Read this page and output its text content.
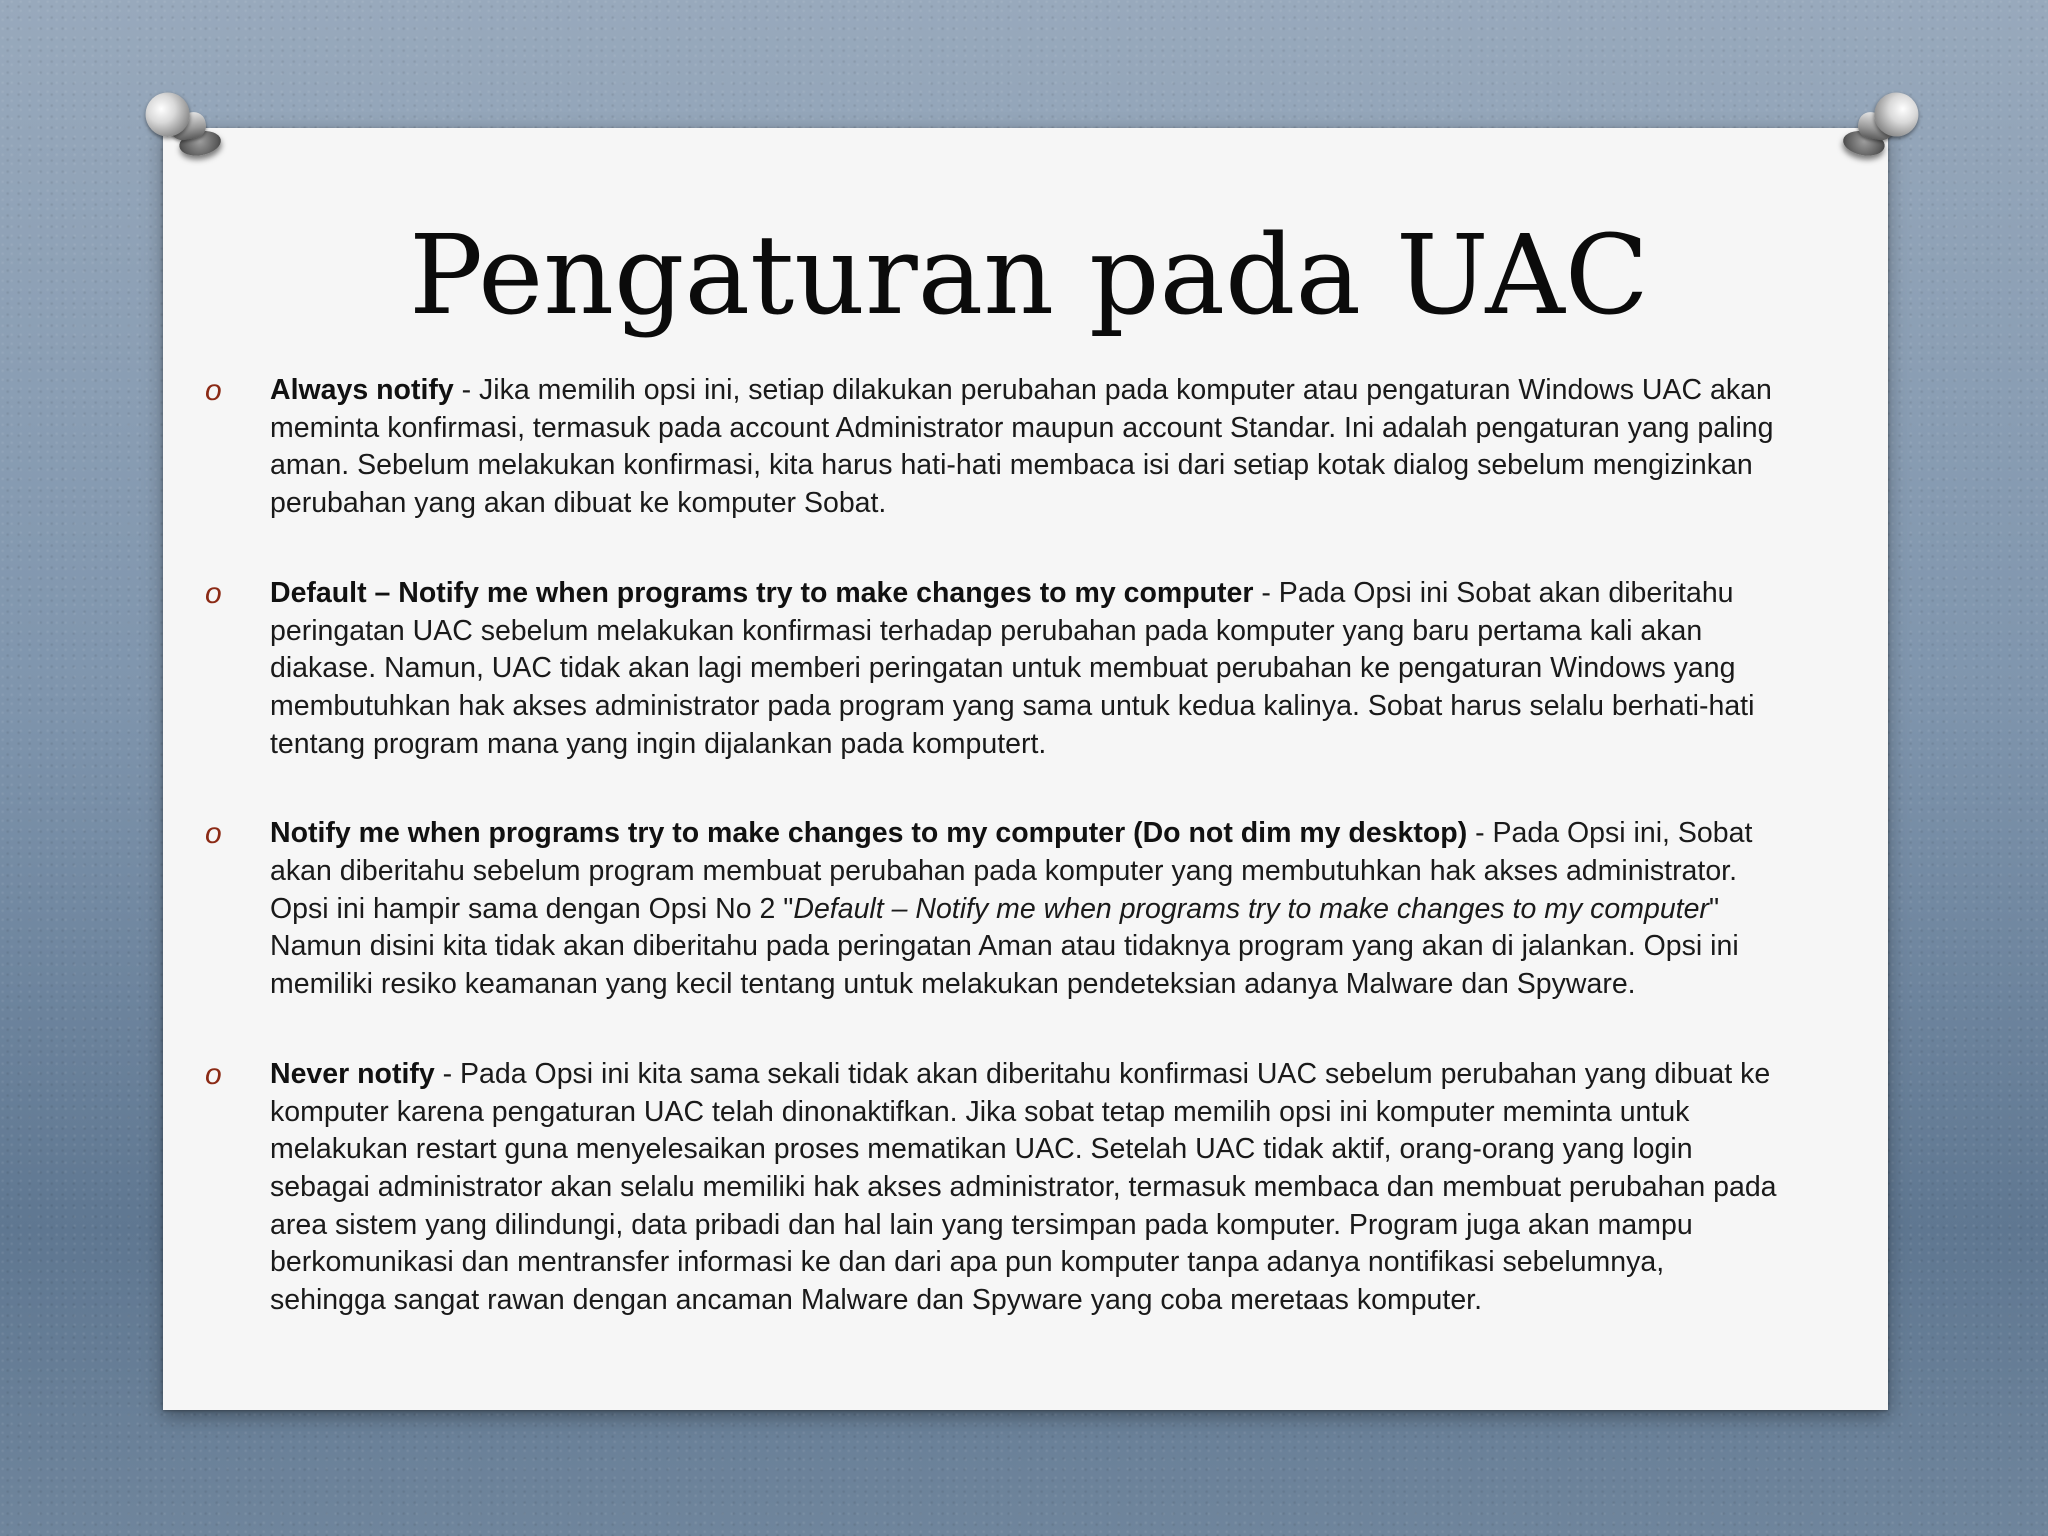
Pengaturan pada UAC
o Always notify - Jika memilih opsi ini, setiap dilakukan perubahan pada komputer atau pengaturan Windows UAC akan meminta konfirmasi, termasuk pada account Administrator maupun account Standar. Ini adalah pengaturan yang paling aman. Sebelum melakukan konfirmasi, kita harus hati-hati membaca isi dari setiap kotak dialog sebelum mengizinkan perubahan yang akan dibuat ke komputer Sobat.
o Default – Notify me when programs try to make changes to my computer - Pada Opsi ini Sobat akan diberitahu peringatan UAC sebelum melakukan konfirmasi terhadap perubahan pada komputer yang baru pertama kali akan diakase. Namun, UAC tidak akan lagi memberi peringatan untuk membuat perubahan ke pengaturan Windows yang membutuhkan hak akses administrator pada program yang sama untuk kedua kalinya. Sobat harus selalu berhati-hati tentang program mana yang ingin dijalankan pada komputert.
o Notify me when programs try to make changes to my computer (Do not dim my desktop) - Pada Opsi ini, Sobat akan diberitahu sebelum program membuat perubahan pada komputer yang membutuhkan hak akses administrator. Opsi ini hampir sama dengan Opsi No 2 "Default – Notify me when programs try to make changes to my computer" Namun disini kita tidak akan diberitahu pada peringatan Aman atau tidaknya program yang akan di jalankan. Opsi ini memiliki resiko keamanan yang kecil tentang untuk melakukan pendeteksian adanya Malware dan Spyware.
o Never notify - Pada Opsi ini kita sama sekali tidak akan diberitahu konfirmasi UAC sebelum perubahan yang dibuat ke komputer karena pengaturan UAC telah dinonaktifkan. Jika sobat tetap memilih opsi ini komputer meminta untuk melakukan restart guna menyelesaikan proses mematikan UAC. Setelah UAC tidak aktif, orang-orang yang login sebagai administrator akan selalu memiliki hak akses administrator, termasuk membaca dan membuat perubahan pada area sistem yang dilindungi, data pribadi dan hal lain yang tersimpan pada komputer. Program juga akan mampu berkomunikasi dan mentransfer informasi ke dan dari apa pun komputer tanpa adanya nontifikasi sebelumnya, sehingga sangat rawan dengan ancaman Malware dan Spyware yang coba meretaas komputer.
